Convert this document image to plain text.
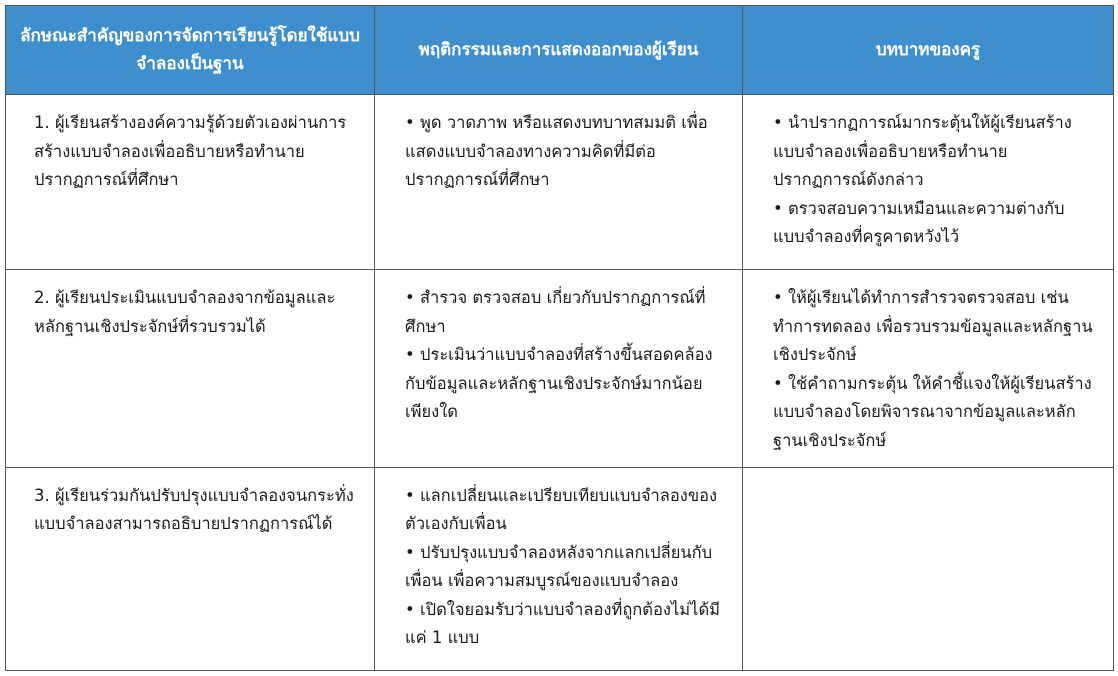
ลักษณะสำคัญของการจัดการเรียนรู้โดยใช้แบบจำลองเป็นฐาน	พฤติกรรมและการแสดงออกของผู้เรียน	บทบาทของครู

1. ผู้เรียนสร้างองค์ความรู้ด้วยตัวเองผ่านการสร้างแบบจำลองเพื่ออธิบายหรือทำนายปรากฏการณ์ที่ศึกษา	• พูด วาดภาพ หรือแสดงบทบาทสมมติ เพื่อแสดงแบบจำลองทางความคิดที่มีต่อปรากฏการณ์ที่ศึกษา	• นำปรากฏการณ์มากระตุ้นให้ผู้เรียนสร้างแบบจำลองเพื่ออธิบายหรือทำนายปรากฏการณ์ดังกล่าว
• ตรวจสอบความเหมือนและความต่างกับแบบจำลองที่ครูคาดหวังไว้

2. ผู้เรียนประเมินแบบจำลองจากข้อมูลและหลักฐานเชิงประจักษ์ที่รวบรวมได้	• สำรวจ ตรวจสอบ เกี่ยวกับปรากฏการณ์ที่ศึกษา
• ประเมินว่าแบบจำลองที่สร้างขึ้นสอดคล้องกับข้อมูลและหลักฐานเชิงประจักษ์มากน้อยเพียงใด	• ให้ผู้เรียนได้ทำการสำรวจตรวจสอบ เช่น ทำการทดลอง เพื่อรวบรวมข้อมูลและหลักฐานเชิงประจักษ์
• ใช้คำถามกระตุ้น ให้คำชี้แจงให้ผู้เรียนสร้างแบบจำลองโดยพิจารณาจากข้อมูลและหลักฐานเชิงประจักษ์

3. ผู้เรียนร่วมกันปรับปรุงแบบจำลองจนกระทั่งแบบจำลองสามารถอธิบายปรากฏการณ์ได้	• แลกเปลี่ยนและเปรียบเทียบแบบจำลองของตัวเองกับเพื่อน
• ปรับปรุงแบบจำลองหลังจากแลกเปลี่ยนกับเพื่อน เพื่อความสมบูรณ์ของแบบจำลอง
• เปิดใจยอมรับว่าแบบจำลองที่ถูกต้องไม่ได้มีแค่ 1 แบบ	
